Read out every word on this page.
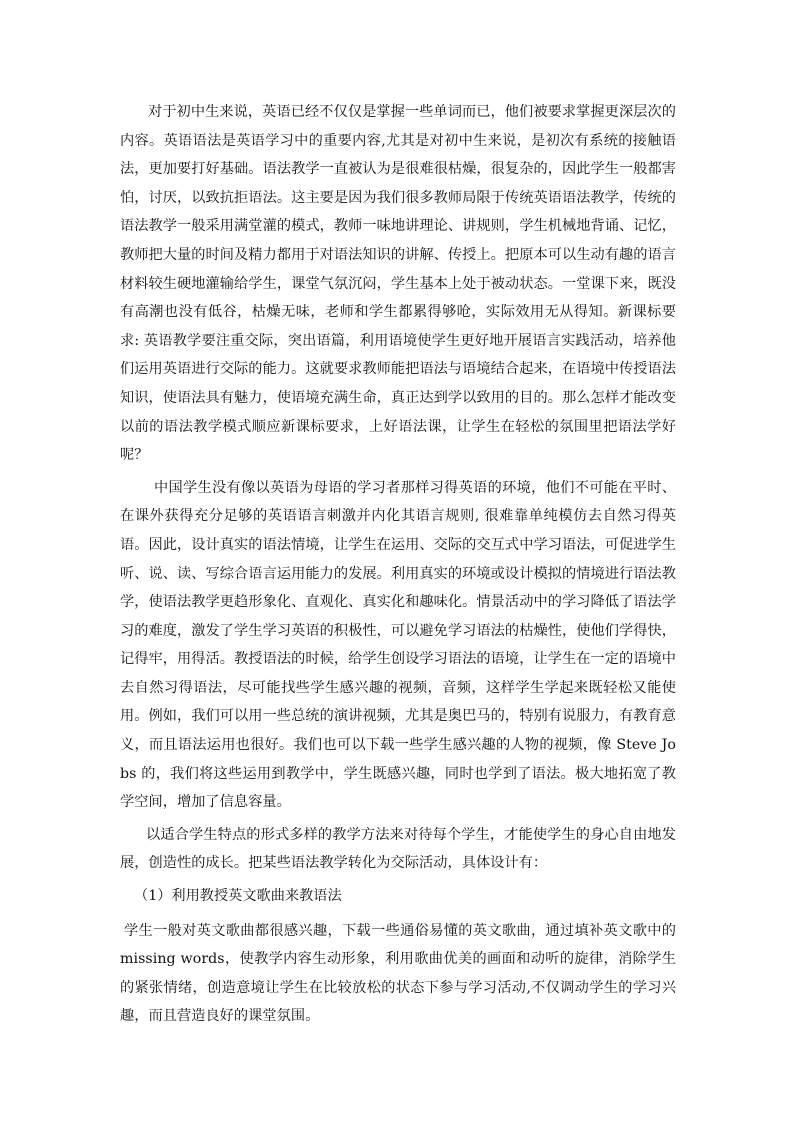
对于初中生来说，英语已经不仅仅是掌握一些单词而已，他们被要求掌握更深层次的内容。英语语法是英语学习中的重要内容,尤其是对初中生来说，是初次有系统的接触语法，更加要打好基础。语法教学一直被认为是很难很枯燥，很复杂的，因此学生一般都害怕，讨厌，以致抗拒语法。这主要是因为我们很多教师局限于传统英语语法教学，传统的语法教学一般采用满堂灌的模式，教师一味地讲理论、讲规则，学生机械地背诵、记忆，教师把大量的时间及精力都用于对语法知识的讲解、传授上。把原本可以生动有趣的语言材料较生硬地灌输给学生，课堂气氛沉闷，学生基本上处于被动状态。一堂课下来，既没有高潮也没有低谷，枯燥无味，老师和学生都累得够呛，实际效用无从得知。新课标要求: 英语教学要注重交际，突出语篇，利用语境使学生更好地开展语言实践活动，培养他们运用英语进行交际的能力。这就要求教师能把语法与语境结合起来，在语境中传授语法知识，使语法具有魅力，使语境充满生命，真正达到学以致用的目的。那么怎样才能改变以前的语法教学模式顺应新课标要求，上好语法课，让学生在轻松的氛围里把语法学好呢？

中国学生没有像以英语为母语的学习者那样习得英语的环境，他们不可能在平时、在课外获得充分足够的英语语言刺激并内化其语言规则, 很难靠单纯模仿去自然习得英语。因此，设计真实的语法情境，让学生在运用、交际的交互式中学习语法，可促进学生听、说、读、写综合语言运用能力的发展。利用真实的环境或设计模拟的情境进行语法教学，使语法教学更趋形象化、直观化、真实化和趣味化。情景活动中的学习降低了语法学习的难度，激发了学生学习英语的积极性，可以避免学习语法的枯燥性，使他们学得快，记得牢，用得活。教授语法的时候，给学生创设学习语法的语境，让学生在一定的语境中去自然习得语法，尽可能找些学生感兴趣的视频，音频，这样学生学起来既轻松又能使用。例如，我们可以用一些总统的演讲视频，尤其是奥巴马的，特别有说服力，有教育意义，而且语法运用也很好。我们也可以下载一些学生感兴趣的人物的视频，像 Steve Jobs 的，我们将这些运用到教学中，学生既感兴趣，同时也学到了语法。极大地拓宽了教学空间，增加了信息容量。

以适合学生特点的形式多样的教学方法来对待每个学生，才能使学生的身心自由地发展，创造性的成长。把某些语法教学转化为交际活动，具体设计有：

（1）利用教授英文歌曲来教语法

学生一般对英文歌曲都很感兴趣，下载一些通俗易懂的英文歌曲，通过填补英文歌中的 missing words，使教学内容生动形象，利用歌曲优美的画面和动听的旋律，消除学生的紧张情绪，创造意境让学生在比较放松的状态下参与学习活动,不仅调动学生的学习兴趣，而且营造良好的课堂氛围。
